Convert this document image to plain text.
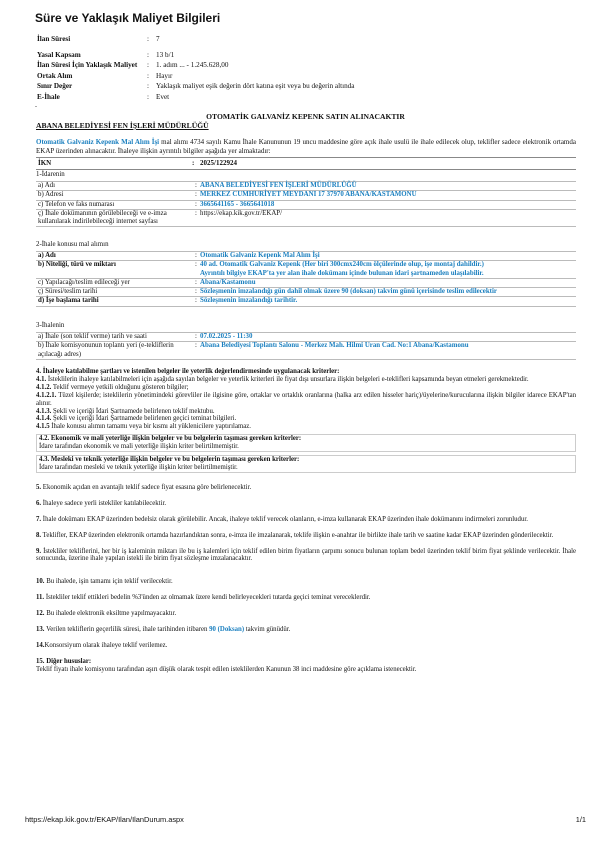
Süre ve Yaklaşık Maliyet Bilgileri
İlan Süresi	: 7
Yasal Kapsam	: 13 b/1
İlan Süresi İçin Yaklaşık Maliyet	: 1. adım ... - 1.245.628,00
Ortak Alım	: Hayır
Sınır Değer	: Yaklaşık maliyet eşik değerin dört katına eşit veya bu değerin altında
E-İhale	: Evet
-
OTOMATİK GALVANİZ KEPENK SATIN ALINACAKTIR
ABANA BELEDİYESİ FEN İŞLERİ MÜDÜRLÜĞÜ
Otomatik Galvaniz Kepenk Mal Alım İşi mal alımı 4734 sayılı Kamu İhale Kanununun 19 uncu maddesine göre açık ihale usulü ile ihale edilecek olup, teklifler sadece elektronik ortamda EKAP üzerinden alınacaktır. İhaleye ilişkin ayrıntılı bilgiler aşağıda yer almaktadır:
İKN	: 2025/122924
1-İdarenin
a) Adı	: ABANA BELEDİYESİ FEN İŞLERİ MÜDÜRLÜĞÜ
b) Adresi	: MERKEZ CUMHURİYET MEYDANI 17 37970 ABANA/KASTAMONU
c) Telefon ve faks numarası	: 3665641165 - 3665641018
ç) İhale dokümanının görülebileceği ve e-imza kullanılarak indirilebileceği internet sayfası
: https://ekap.kik.gov.tr/EKAP/
2-İhale konusu mal alımın
a) Adı	: Otomatik Galvaniz Kepenk Mal Alım İşi
b) Niteliği, türü ve miktarı	: 40 ad. Otomatik Galvaniz Kepenk (Her biri 300cmx240cm ölçülerinde olup, işe montaj dahildir.)
Ayrıntılı bilgiye EKAP'ta yer alan ihale dokümanı içinde bulunan idari şartnameden ulaşılabilir.
c) Yapılacağı/teslim edileceği yer	: Abana/Kastamonu
ç) Süresi/teslim tarihi	: Sözleşmenin imzalandığı gün dahil olmak üzere 90 (doksan) takvim günü içerisinde teslim edilecektir
d) İşe başlama tarihi	: Sözleşmenin imzalandığı tarihtir.
3-İhalenin
a) İhale (son teklif verme) tarih ve saati	: 07.02.2025 - 11:30
b) İhale komisyonunun toplantı yeri (e-tekliflerin açılacağı adres)
: Abana Belediyesi Toplantı Salonu - Merkez Mah. Hilmi Uran Cad. No:1 Abana/Kastamonu

4. İhaleye katılabilme şartları ve istenilen belgeler ile yeterlik değerlendirmesinde uygulanacak kriterler:

4.1. İsteklilerin ihaleye katılabilmeleri için aşağıda sayılan belgeler ve yeterlik kriterleri ile fiyat dışı unsurlara ilişkin belgeleri e-teklifleri kapsamında beyan etmeleri gerekmektedir.

4.1.2. Teklif vermeye yetkili olduğunu gösteren bilgiler;

4.1.2.1. Tüzel kişilerde; isteklilerin yönetimindeki görevliler ile ilgisine göre, ortaklar ve ortaklık oranlarına (halka arz edilen hisseler hariç)/üyelerine/kurucularına ilişkin bilgiler idarece EKAP'tan alınır.

4.1.3. Şekli ve içeriği İdari Şartnamede belirlenen teklif mektubu.

4.1.4. Şekli ve içeriği İdari Şartnamede belirlenen geçici teminat bilgileri.

4.1.5 İhale konusu alımın tamamı veya bir kısmı alt yüklenicilere yaptırılamaz.

4.2. Ekonomik ve mali yeterliğe ilişkin belgeler ve bu belgelerin taşıması gereken kriterler:
İdare tarafından ekonomik ve mali yeterliğe ilişkin kriter belirtilmemiştir.
4.3. Mesleki ve teknik yeterliğe ilişkin belgeler ve bu belgelerin taşıması gereken kriterler:
İdare tarafından mesleki ve teknik yeterliğe ilişkin kriter belirtilmemiştir.

5. Ekonomik açıdan en avantajlı teklif sadece fiyat esasına göre belirlenecektir.

6. İhaleye sadece yerli istekliler katılabilecektir.

7. İhale dokümanı EKAP üzerinden bedelsiz olarak görülebilir. Ancak, ihaleye teklif verecek olanların, e-imza kullanarak EKAP üzerinden ihale dokümanını indirmeleri zorunludur.

8. Teklifler, EKAP üzerinden elektronik ortamda hazırlandıktan sonra, e-imza ile imzalanarak, teklife ilişkin e-anahtar ile birlikte ihale tarih ve saatine kadar EKAP üzerinden gönderilecektir.

9. İstekliler tekliflerini, her bir iş kaleminin miktarı ile bu iş kalemleri için teklif edilen birim fiyatların çarpımı sonucu bulunan toplam bedel üzerinden teklif birim fiyat şeklinde verilecektir. İhale sonucunda, üzerine ihale yapılan istekli ile birim fiyat sözleşme imzalanacaktır.

10. Bu ihalede, işin tamamı için teklif verilecektir.

11. İstekliler teklif ettikleri bedelin %3'ünden az olmamak üzere kendi belirleyecekleri tutarda geçici teminat vereceklerdir.

12. Bu ihalede elektronik eksiltme yapılmayacaktır.

13. Verilen tekliflerin geçerlilik süresi, ihale tarihinden itibaren 90 (Doksan) takvim günüdür.

14.Konsorsiyum olarak ihaleye teklif verilemez.

15. Diğer hususlar:

Teklif fiyatı ihale komisyonu tarafından aşırı düşük olarak tespit edilen isteklilerden Kanunun 38 inci maddesine göre açıklama istenecektir.

https://ekap.kik.gov.tr/EKAP/Ilan/IlanDurum.aspx	1/1
